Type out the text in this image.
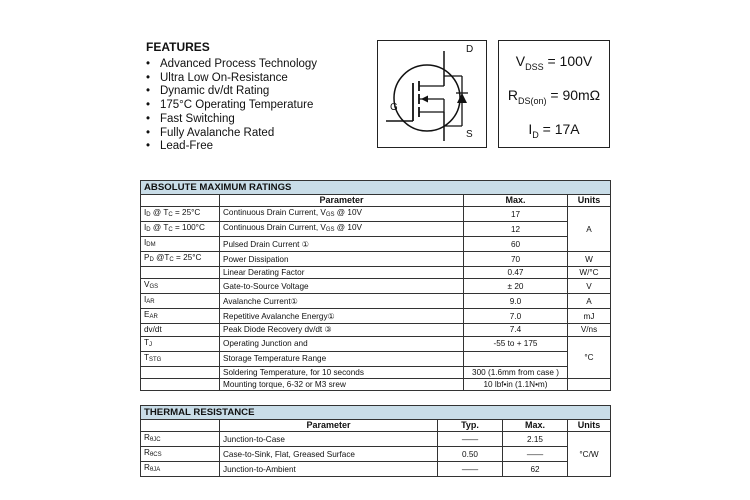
FEATURES
• Advanced Process Technology
• Ultra Low On-Resistance
• Dynamic dv/dt Rating
• 175°C Operating Temperature
• Fast Switching
• Fully Avalanche Rated
• Lead-Free
D
G
S
$V_{DSS} = 100V$
$R_{DS(on)} = 90m\Omega$
$I_D = 17A$
ABSOLUTE MAXIMUM RATINGS			
	Parameter	Max.	Units
$I_D$ @ $T_C = 25^\circ C$	Continuous Drain Current, $V_{GS}$ @ 10V	17	A
$I_D$ @ $T_C = 100^\circ C$	Continuous Drain Current, $V_{GS}$ @ 10V	12	
$I_{DM}$	Pulsed Drain Current ①	60	
$P_D$ $@T_C = 25^\circ C$	Power Dissipation	70	W
	Linear Derating Factor	0.47	W/°C
$V_{GS}$	Gate-to-Source Voltage	± 20	V
$I_{AR}$	Avalanche Current①	9.0	A
$E_{AR}$	Repetitive Avalanche Energy①	7.0	mJ
dv/dt	Peak Diode Recovery dv/dt ③	7.4	V/ns
$T_J$	Operating Junction and	-55 to + 175	°C
$T_{STG}$	Storage Temperature Range		
	Soldering Temperature, for 10 seconds	300 (1.6mm from case )	
	Mounting torque, 6-32 or M3 srew	10 lbf•in (1.1N•m)	
THERMAL RESISTANCE				
	Parameter	Typ.	Max.	Units
$R_{\theta JC}$	Junction-to-Case	——	2.15	°C/W
$R_{\theta CS}$	Case-to-Sink, Flat, Greased Surface	0.50	——	
$R_{\theta JA}$	Junction-to-Ambient	——	62	
